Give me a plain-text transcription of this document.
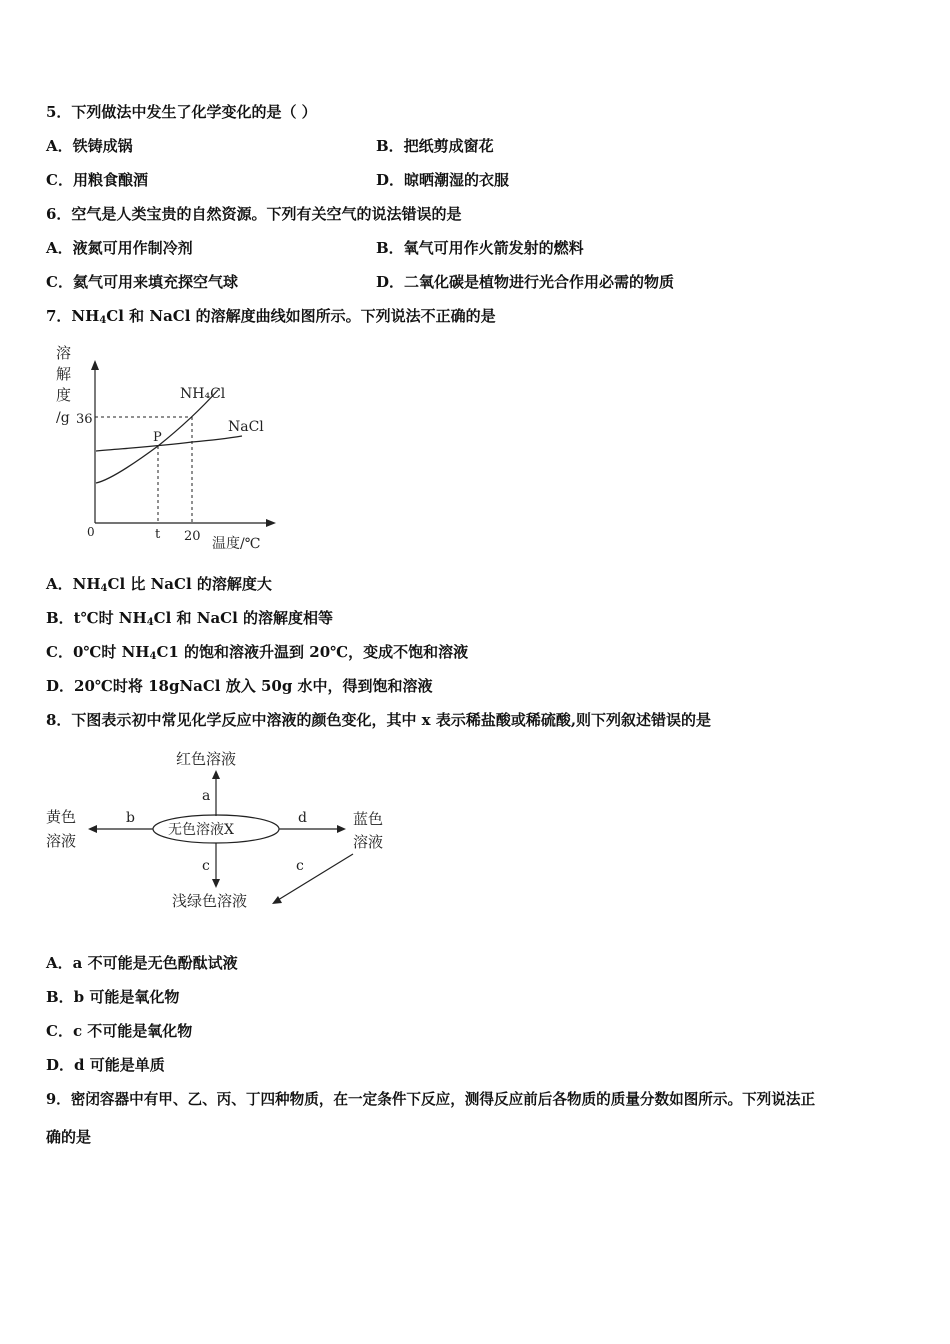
5．下列做法中发生了化学变化的是（ ）
A．铁铸成锅	B．把纸剪成窗花
C．用粮食酿酒	D．晾晒潮湿的衣服
6．空气是人类宝贵的自然资源。下列有关空气的说法错误的是
A．液氮可用作制冷剂	B．氧气可用作火箭发射的燃料
C．氦气可用来填充探空气球	D．二氧化碳是植物进行光合作用必需的物质
7．$NH_4Cl$ 和 NaCl 的溶解度曲线如图所示。下列说法不正确的是
溶
解
度
/g 36
NH₄Cl
NaCl
P
0	t 20 温度/℃
A．$NH_4Cl$ 比 NaCl 的溶解度大
B．t℃时 $NH_4Cl$ 和 NaCl 的溶解度相等
C．0℃时 $NH_4C1$ 的饱和溶液升温到 20℃，变成不饱和溶液
D．20℃时将 18gNaCl 放入 50g 水中，得到饱和溶液
8．下图表示初中常见化学反应中溶液的颜色变化，其中 x 表示稀盐酸或稀硫酸,则下列叙述错误的是
红色溶液
a
无色溶液X
b
黄色
溶液
d	蓝色
溶液
c	c
浅绿色溶液
A．a 不可能是无色酚酞试液
B．b 可能是氧化物
C．c 不可能是氧化物
D．d 可能是单质
9．密闭容器中有甲、乙、丙、丁四种物质，在一定条件下反应，测得反应前后各物质的质量分数如图所示。下列说法正
确的是
